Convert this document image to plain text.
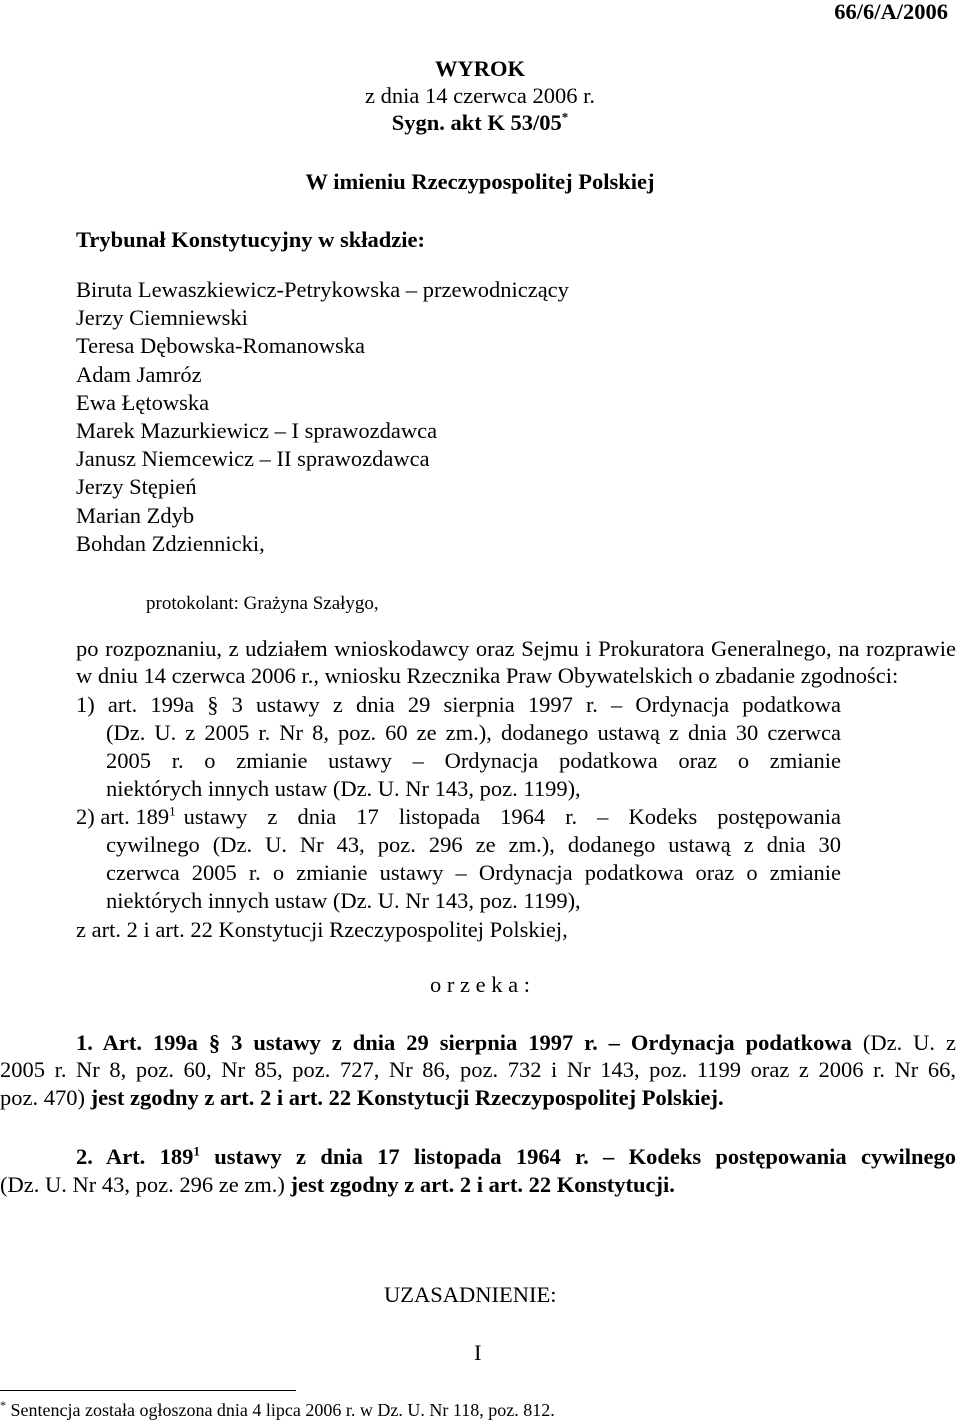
66/6/A/2006
WYROK
z dnia 14 czerwca 2006 r.
Sygn. akt K 53/05*
W imieniu Rzeczypospolitej Polskiej
Trybunał Konstytucyjny w składzie:
Biruta Lewaszkiewicz-Petrykowska – przewodniczący
Jerzy Ciemniewski
Teresa Dębowska-Romanowska
Adam Jamróz
Ewa Łętowska
Marek Mazurkiewicz – I sprawozdawca
Janusz Niemcewicz – II sprawozdawca
Jerzy Stępień
Marian Zdyb
Bohdan Zdziennicki,
protokolant: Grażyna Szałygo,
po rozpoznaniu, z udziałem wnioskodawcy oraz Sejmu i Prokuratora Generalnego, na rozprawie
w dniu 14 czerwca 2006 r., wniosku Rzecznika Praw Obywatelskich o zbadanie zgodności:
1) art. 199a § 3 ustawy z dnia 29 sierpnia 1997 r. – Ordynacja podatkowa
(Dz. U. z 2005 r. Nr 8, poz. 60 ze zm.), dodanego ustawą z dnia 30 czerwca
2005 r. o zmianie ustawy – Ordynacja podatkowa oraz o zmianie
niektórych innych ustaw (Dz. U. Nr 143, poz. 1199),
2) art. $189^1$ ustawy z dnia 17 listopada 1964 r. – Kodeks postępowania
cywilnego (Dz. U. Nr 43, poz. 296 ze zm.), dodanego ustawą z dnia 30
czerwca 2005 r. o zmianie ustawy – Ordynacja podatkowa oraz o zmianie
niektórych innych ustaw (Dz. U. Nr 143, poz. 1199),
z art. 2 i art. 22 Konstytucji Rzeczypospolitej Polskiej,
o r z e k a :
1. Art. 199a § 3 ustawy z dnia 29 sierpnia 1997 r. – Ordynacja podatkowa (Dz. U. z
2005 r. Nr 8, poz. 60, Nr 85, poz. 727, Nr 86, poz. 732 i Nr 143, poz. 1199 oraz z 2006 r. Nr 66,
poz. 470) jest zgodny z art. 2 i art. 22 Konstytucji Rzeczypospolitej Polskiej.
2. Art. $189^1$ ustawy z dnia 17 listopada 1964 r. – Kodeks postępowania cywilnego
(Dz. U. Nr 43, poz. 296 ze zm.) jest zgodny z art. 2 i art. 22 Konstytucji.
UZASADNIENIE:
I
* Sentencja została ogłoszona dnia 4 lipca 2006 r. w Dz. U. Nr 118, poz. 812.
